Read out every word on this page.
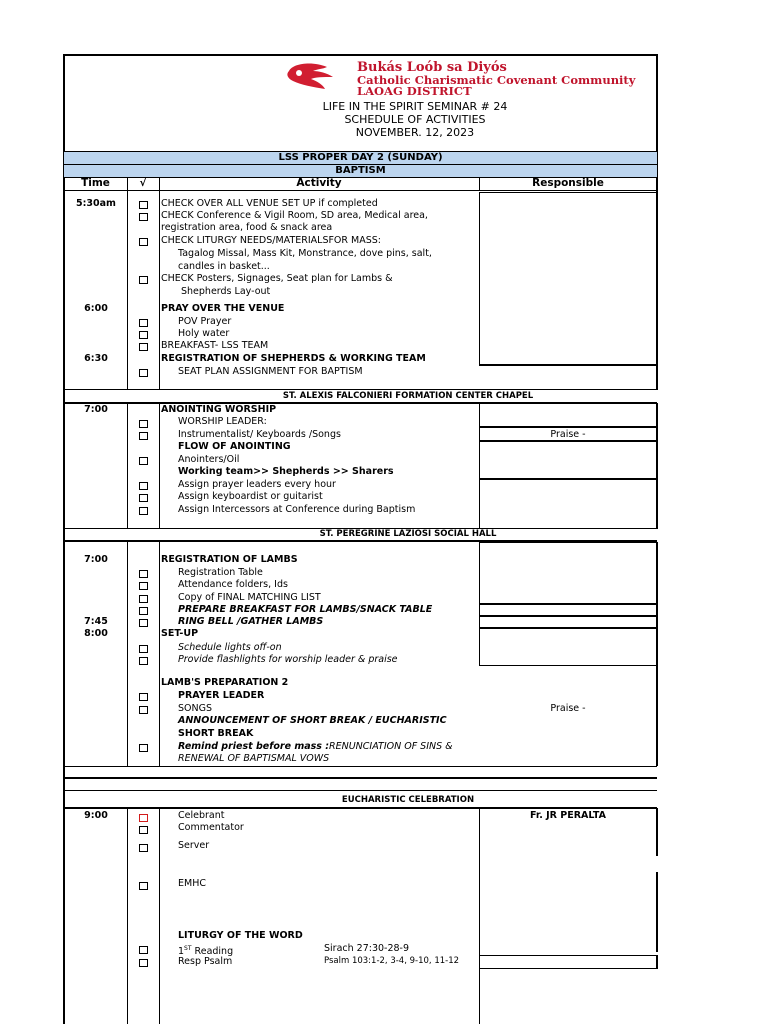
Bukás Loób sa Diyós
Catholic Charismatic Covenant Community
LAOAG DISTRICT
LIFE IN THE SPIRIT SEMINAR # 24
SCHEDULE OF ACTIVITIES
NOVEMBER. 12, 2023
LSS PROPER DAY 2 (SUNDAY)
BAPTISM
Time	√	Activity	Responsible
5:30am	CHECK OVER ALL VENUE SET UP if completed
CHECK Conference & Vigil Room, SD area, Medical area,
registration area, food & snack area
CHECK LITURGY NEEDS/MATERIALSFOR MASS:
Tagalog Missal, Mass Kit, Monstrance, dove pins, salt,
candles in basket...
CHECK Posters, Signages, Seat plan for Lambs &
Shepherds Lay-out
6:00	PRAY OVER THE VENUE
POV Prayer
Holy water
BREAKFAST- LSS TEAM
6:30	REGISTRATION OF SHEPHERDS & WORKING TEAM
SEAT PLAN ASSIGNMENT FOR BAPTISM
ST. ALEXIS FALCONIERI FORMATION CENTER CHAPEL
7:00	ANOINTING WORSHIP
WORSHIP LEADER:
Instrumentalist/ Keyboards /Songs	Praise -
FLOW OF ANOINTING
Anointers/Oil
Working team>> Shepherds >> Sharers
Assign prayer leaders every hour
Assign keyboardist or guitarist
Assign Intercessors at Conference during Baptism
ST. PEREGRINE LAZIOSI SOCIAL HALL
7:00	REGISTRATION OF LAMBS
Registration Table
Attendance folders, Ids
Copy of FINAL MATCHING LIST
PREPARE BREAKFAST FOR LAMBS/SNACK TABLE
7:45	RING BELL /GATHER LAMBS
8:00	SET-UP
Schedule lights off-on
Provide flashlights for worship leader & praise
LAMB'S PREPARATION 2
PRAYER LEADER
SONGS	Praise -
ANNOUNCEMENT OF SHORT BREAK / EUCHARISTIC
SHORT BREAK
Remind priest before mass : RENUNCIATION OF SINS &
RENEWAL OF BAPTISMAL VOWS
EUCHARISTIC CELEBRATION
9:00	Celebrant	Fr. JR PERALTA
Commentator
Server
EMHC
LITURGY OF THE WORD
1ST Reading	Sirach 27:30-28-9
Resp Psalm	Psalm 103:1-2, 3-4, 9-10, 11-12
